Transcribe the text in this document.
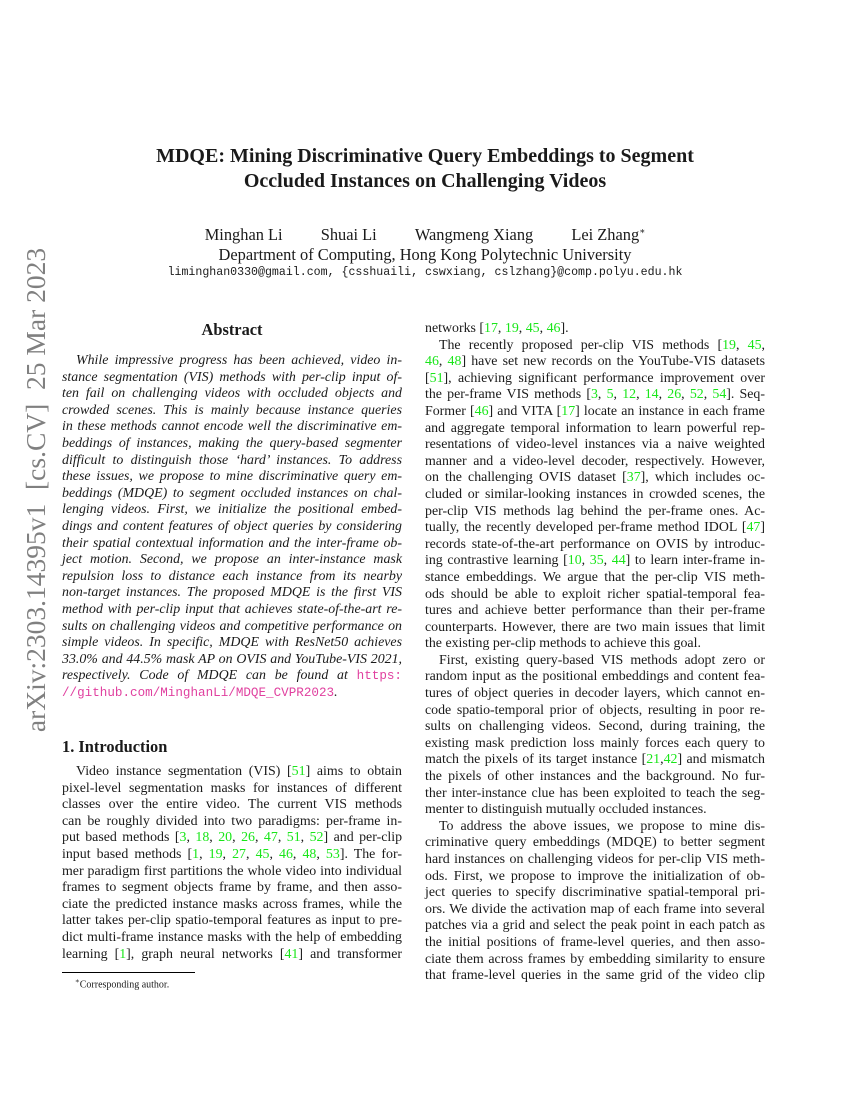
arXiv:2303.14395v1  [cs.CV]  25 Mar 2023
MDQE: Mining Discriminative Query Embeddings to Segment
Occluded Instances on Challenging Videos
Minghan Li Shuai Li Wangmeng Xiang Lei Zhang∗
Department of Computing, Hong Kong Polytechnic University
liminghan0330@gmail.com, {csshuaili, cswxiang, cslzhang}@comp.polyu.edu.hk
Abstract
While impressive progress has been achieved, video in-
stance segmentation (VIS) methods with per-clip input of-
ten fail on challenging videos with occluded objects and
crowded scenes. This is mainly because instance queries
in these methods cannot encode well the discriminative em-
beddings of instances, making the query-based segmenter
difficult to distinguish those ‘hard’ instances. To address
these issues, we propose to mine discriminative query em-
beddings (MDQE) to segment occluded instances on chal-
lenging videos. First, we initialize the positional embed-
dings and content features of object queries by considering
their spatial contextual information and the inter-frame ob-
ject motion. Second, we propose an inter-instance mask
repulsion loss to distance each instance from its nearby
non-target instances. The proposed MDQE is the first VIS
method with per-clip input that achieves state-of-the-art re-
sults on challenging videos and competitive performance on
simple videos. In specific, MDQE with ResNet50 achieves
33.0% and 44.5% mask AP on OVIS and YouTube-VIS 2021,
respectively. Code of MDQE can be found at https:
//github.com/MinghanLi/MDQE_CVPR2023.
1. Introduction
Video instance segmentation (VIS) [51] aims to obtain
pixel-level segmentation masks for instances of different
classes over the entire video. The current VIS methods
can be roughly divided into two paradigms: per-frame in-
put based methods [3, 18, 20, 26, 47, 51, 52] and per-clip
input based methods [1, 19, 27, 45, 46, 48, 53]. The for-
mer paradigm first partitions the whole video into individual
frames to segment objects frame by frame, and then asso-
ciate the predicted instance masks across frames, while the
latter takes per-clip spatio-temporal features as input to pre-
dict multi-frame instance masks with the help of embedding
learning [1], graph neural networks [41] and transformer
networks [17, 19, 45, 46].
The recently proposed per-clip VIS methods [19, 45,
46, 48] have set new records on the YouTube-VIS datasets
[51], achieving significant performance improvement over
the per-frame VIS methods [3, 5, 12, 14, 26, 52, 54]. Seq-
Former [46] and VITA [17] locate an instance in each frame
and aggregate temporal information to learn powerful rep-
resentations of video-level instances via a naive weighted
manner and a video-level decoder, respectively. However,
on the challenging OVIS dataset [37], which includes oc-
cluded or similar-looking instances in crowded scenes, the
per-clip VIS methods lag behind the per-frame ones. Ac-
tually, the recently developed per-frame method IDOL [47]
records state-of-the-art performance on OVIS by introduc-
ing contrastive learning [10, 35, 44] to learn inter-frame in-
stance embeddings. We argue that the per-clip VIS meth-
ods should be able to exploit richer spatial-temporal fea-
tures and achieve better performance than their per-frame
counterparts. However, there are two main issues that limit
the existing per-clip methods to achieve this goal.
First, existing query-based VIS methods adopt zero or
random input as the positional embeddings and content fea-
tures of object queries in decoder layers, which cannot en-
code spatio-temporal prior of objects, resulting in poor re-
sults on challenging videos. Second, during training, the
existing mask prediction loss mainly forces each query to
match the pixels of its target instance [21,42] and mismatch
the pixels of other instances and the background. No fur-
ther inter-instance clue has been exploited to teach the seg-
menter to distinguish mutually occluded instances.
To address the above issues, we propose to mine dis-
criminative query embeddings (MDQE) to better segment
hard instances on challenging videos for per-clip VIS meth-
ods. First, we propose to improve the initialization of ob-
ject queries to specify discriminative spatial-temporal pri-
ors. We divide the activation map of each frame into several
patches via a grid and select the peak point in each patch as
the initial positions of frame-level queries, and then asso-
ciate them across frames by embedding similarity to ensure
that frame-level queries in the same grid of the video clip
∗Corresponding author.
